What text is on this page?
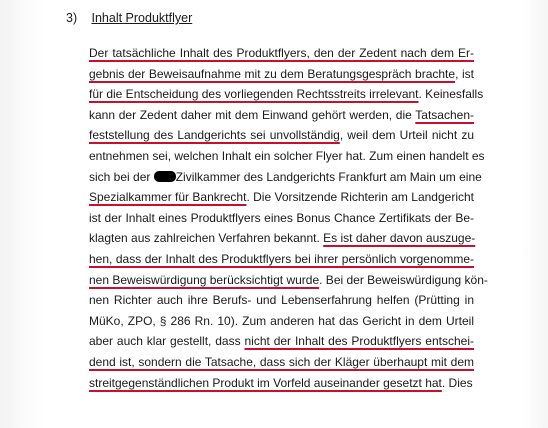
3) Inhalt Produktflyer
Der tatsächliche Inhalt des Produktflyers, den der Zedent nach dem Er-
gebnis der Beweisaufnahme mit zu dem Beratungsgespräch brachte, ist
für die Entscheidung des vorliegenden Rechtsstreits irrelevant. Keinesfalls
kann der Zedent daher mit dem Einwand gehört werden, die Tatsachen-
feststellung des Landgerichts sei unvollständig, weil dem Urteil nicht zu
entnehmen sei, welchen Inhalt ein solcher Flyer hat. Zum einen handelt es
sich bei der Zivilkammer des Landgerichts Frankfurt am Main um eine
Spezialkammer für Bankrecht. Die Vorsitzende Richterin am Landgericht
ist der Inhalt eines Produktflyers eines Bonus Chance Zertifikats der Be-
klagten aus zahlreichen Verfahren bekannt. Es ist daher davon auszuge-
hen, dass der Inhalt des Produktflyers bei ihrer persönlich vorgenomme-
nen Beweiswürdigung berücksichtigt wurde. Bei der Beweiswürdigung kön-
nen Richter auch ihre Berufs- und Lebenserfahrung helfen (Prütting in
MüKo, ZPO, § 286 Rn. 10). Zum anderen hat das Gericht in dem Urteil
aber auch klar gestellt, dass nicht der Inhalt des Produktflyers entschei-
dend ist, sondern die Tatsache, dass sich der Kläger überhaupt mit dem
streitgegenständlichen Produkt im Vorfeld auseinander gesetzt hat. Dies
